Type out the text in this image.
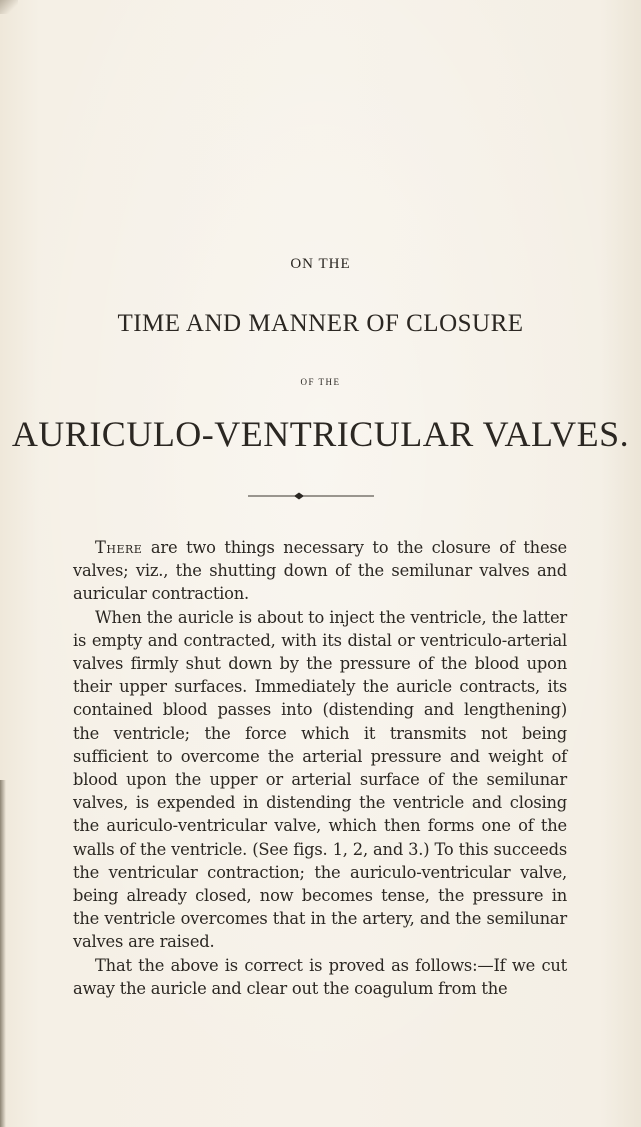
ON THE
TIME AND MANNER OF CLOSURE
OF THE
AURICULO-VENTRICULAR VALVES.

There are two things necessary to the closure of these valves; viz., the shutting down of the semilunar valves and auricular contraction.

When the auricle is about to inject the ventricle, the latter is empty and contracted, with its distal or ventriculo-arterial valves firmly shut down by the pressure of the blood upon their upper surfaces. Immediately the auricle contracts, its contained blood passes into (distending and lengthening) the ventricle; the force which it transmits not being sufficient to overcome the arterial pressure and weight of blood upon the upper or arterial surface of the semilunar valves, is expended in distending the ventricle and closing the auriculo-ventricular valve, which then forms one of the walls of the ventricle. (See figs. 1, 2, and 3.) To this succeeds the ventricular contraction; the auriculo-ventricular valve, being already closed, now becomes tense, the pressure in the ventricle overcomes that in the artery, and the semilunar valves are raised.

That the above is correct is proved as follows:—If we cut away the auricle and clear out the coagulum from the
